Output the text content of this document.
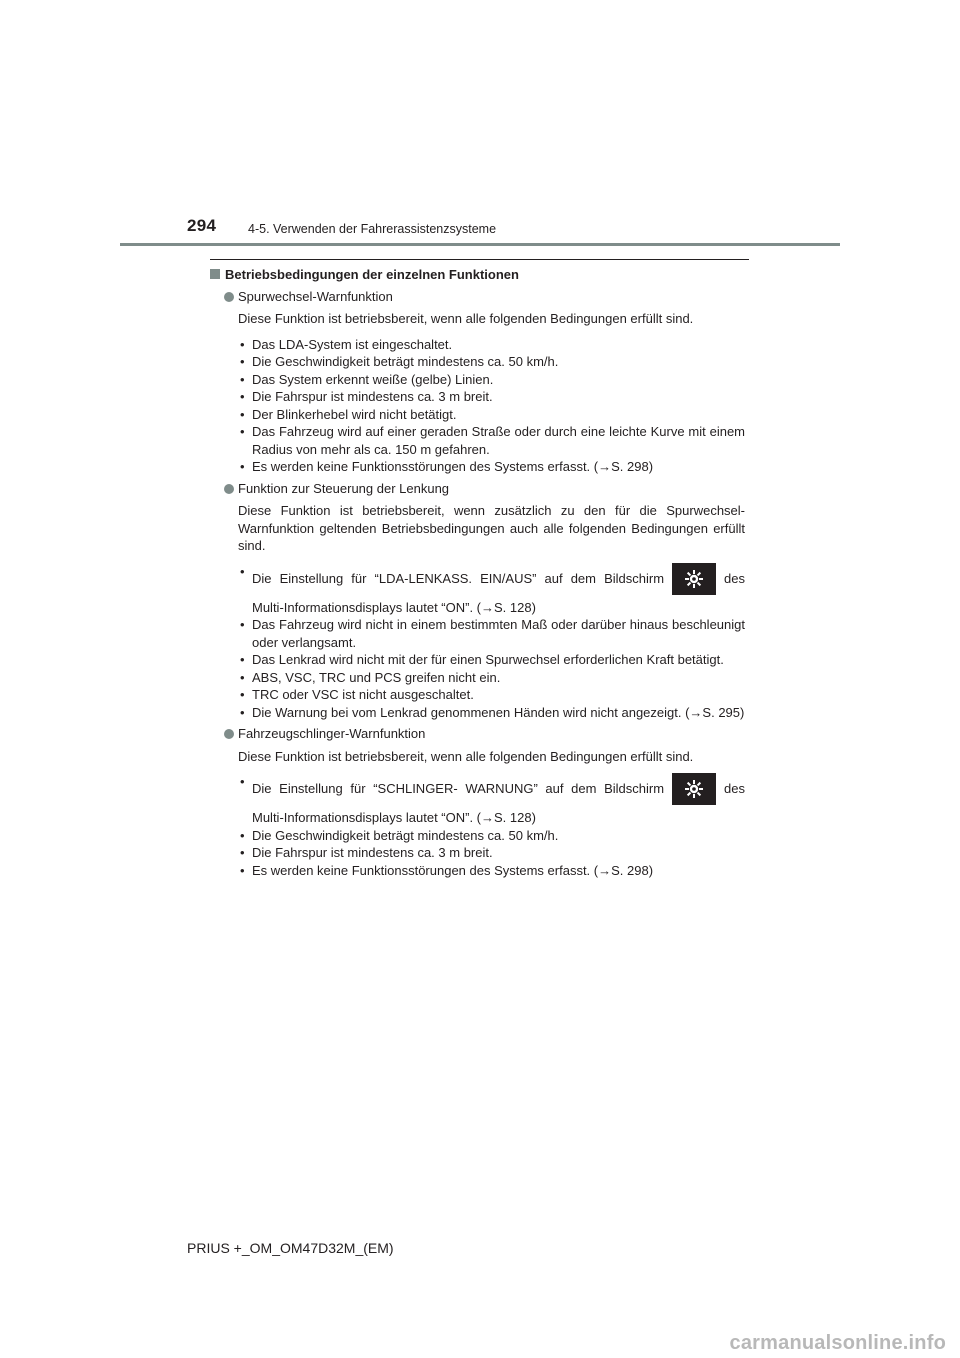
294	4-5. Verwenden der Fahrerassistenzsysteme
Betriebsbedingungen der einzelnen Funktionen
Spurwechsel-Warnfunktion
Diese Funktion ist betriebsbereit, wenn alle folgenden Bedingungen erfüllt sind.
• Das LDA-System ist eingeschaltet.
• Die Geschwindigkeit beträgt mindestens ca. 50 km/h.
• Das System erkennt weiße (gelbe) Linien.
• Die Fahrspur ist mindestens ca. 3 m breit.
• Der Blinkerhebel wird nicht betätigt.
• Das Fahrzeug wird auf einer geraden Straße oder durch eine leichte Kurve mit einem Radius von mehr als ca. 150 m gefahren.
• Es werden keine Funktionsstörungen des Systems erfasst. (→S. 298)
Funktion zur Steuerung der Lenkung
Diese Funktion ist betriebsbereit, wenn zusätzlich zu den für die Spurwechsel-Warnfunktion geltenden Betriebsbedingungen auch alle folgenden Bedingungen erfüllt sind.
• Die Einstellung für “LDA-LENKASS. EIN/AUS” auf dem Bildschirm	des
Multi-Informationsdisplays lautet “ON”. (→S. 128)
• Das Fahrzeug wird nicht in einem bestimmten Maß oder darüber hinaus beschleunigt oder verlangsamt.
• Das Lenkrad wird nicht mit der für einen Spurwechsel erforderlichen Kraft betätigt.
• ABS, VSC, TRC und PCS greifen nicht ein.
• TRC oder VSC ist nicht ausgeschaltet.
• Die Warnung bei vom Lenkrad genommenen Händen wird nicht angezeigt. (→S. 295)
Fahrzeugschlinger-Warnfunktion
Diese Funktion ist betriebsbereit, wenn alle folgenden Bedingungen erfüllt sind.
• Die Einstellung für “SCHLINGER- WARNUNG” auf dem Bildschirm	des
Multi-Informationsdisplays lautet “ON”. (→S. 128)
• Die Geschwindigkeit beträgt mindestens ca. 50 km/h.
• Die Fahrspur ist mindestens ca. 3 m breit.
• Es werden keine Funktionsstörungen des Systems erfasst. (→S. 298)
PRIUS +_OM_OM47D32M_(EM)
carmanualsonline.info
